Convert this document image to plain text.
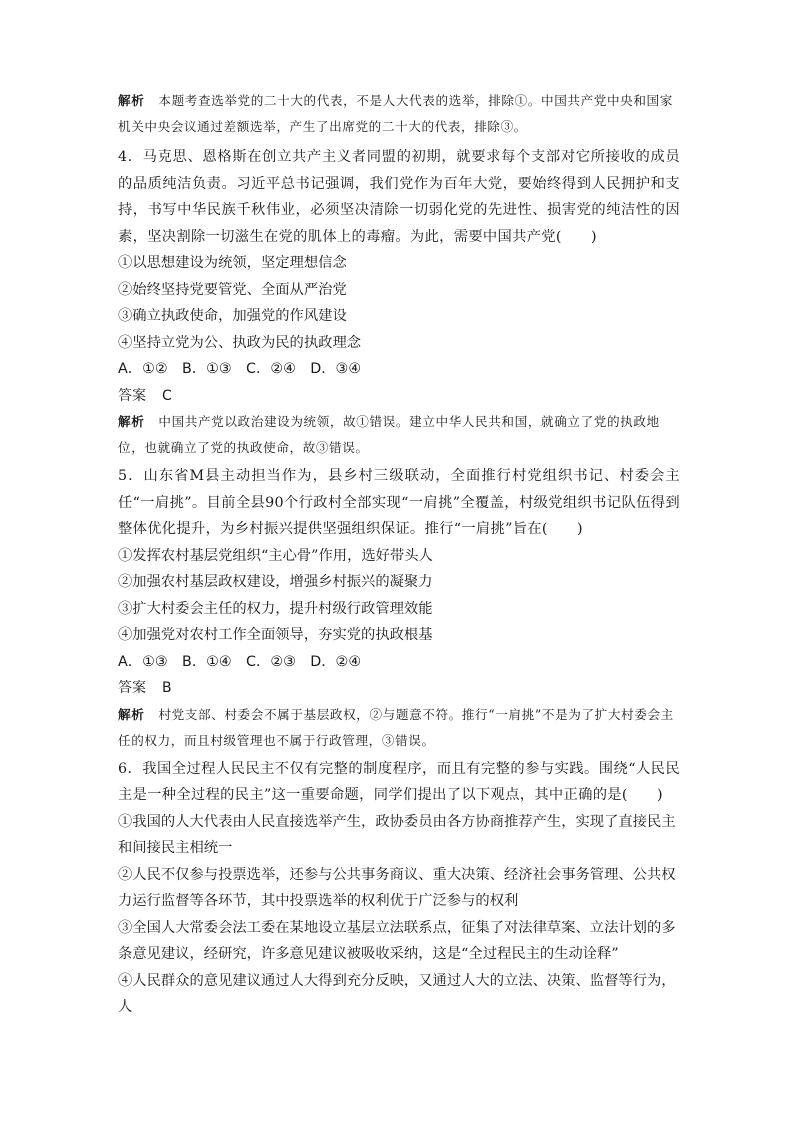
解析 本题考查选举党的二十大的代表，不是人大代表的选举，排除①。中国共产党中央和国家机关中央会议通过差额选举，产生了出席党的二十大的代表，排除③。

4．马克思、恩格斯在创立共产主义者同盟的初期，就要求每个支部对它所接收的成员的品质纯洁负责。习近平总书记强调，我们党作为百年大党，要始终得到人民拥护和支持，书写中华民族千秋伟业，必须坚决清除一切弱化党的先进性、损害党的纯洁性的因素，坚决割除一切滋生在党的肌体上的毒瘤。为此，需要中国共产党(　　)

①以思想建设为统领，坚定理想信念

②始终坚持党要管党、全面从严治党

③确立执政使命，加强党的作风建设

④坚持立党为公、执政为民的执政理念

A．①②　B．①③　C．②④　D．③④

答案 C

解析 中国共产党以政治建设为统领，故①错误。建立中华人民共和国，就确立了党的执政地位，也就确立了党的执政使命，故③错误。

5．山东省M县主动担当作为，县乡村三级联动，全面推行村党组织书记、村委会主任“一肩挑”。目前全县90个行政村全部实现“一肩挑”全覆盖，村级党组织书记队伍得到整体优化提升，为乡村振兴提供坚强组织保证。推行“一肩挑”旨在(　　)

①发挥农村基层党组织“主心骨”作用，选好带头人

②加强农村基层政权建设，增强乡村振兴的凝聚力

③扩大村委会主任的权力，提升村级行政管理效能

④加强党对农村工作全面领导，夯实党的执政根基

A．①③　B．①④　C．②③　D．②④

答案 B

解析 村党支部、村委会不属于基层政权，②与题意不符。推行“一肩挑”不是为了扩大村委会主任的权力，而且村级管理也不属于行政管理，③错误。

6．我国全过程人民民主不仅有完整的制度程序，而且有完整的参与实践。围绕“人民民主是一种全过程的民主”这一重要命题，同学们提出了以下观点，其中正确的是(　　)

①我国的人大代表由人民直接选举产生，政协委员由各方协商推荐产生，实现了直接民主和间接民主相统一

②人民不仅参与投票选举，还参与公共事务商议、重大决策、经济社会事务管理、公共权力运行监督等各环节，其中投票选举的权利优于广泛参与的权利

③全国人大常委会法工委在某地设立基层立法联系点，征集了对法律草案、立法计划的多条意见建议，经研究，许多意见建议被吸收采纳，这是“全过程民主的生动诠释”

④人民群众的意见建议通过人大得到充分反映，又通过人大的立法、决策、监督等行为，人
